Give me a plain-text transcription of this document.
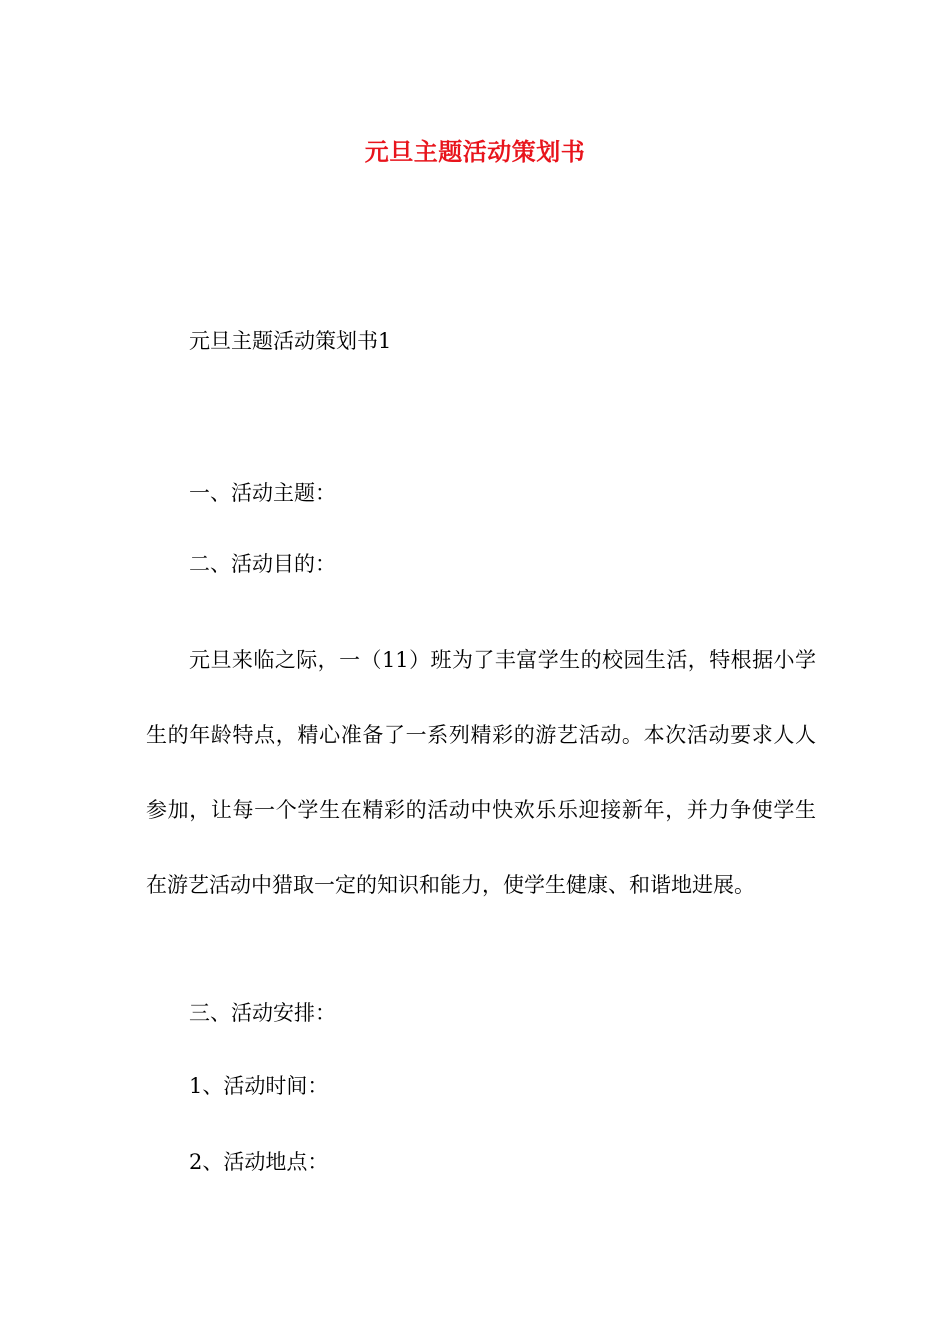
元旦主题活动策划书
元旦主题活动策划书1
一、活动主题：
二、活动目的：

元旦来临之际，一（11）班为了丰富学生的校园生活，特根据小学生的年龄特点，精心准备了一系列精彩的游艺活动。本次活动要求人人参加，让每一个学生在精彩的活动中快欢乐乐迎接新年，并力争使学生在游艺活动中猎取一定的知识和能力，使学生健康、和谐地进展。

三、活动安排：
1、活动时间：
2、活动地点：
